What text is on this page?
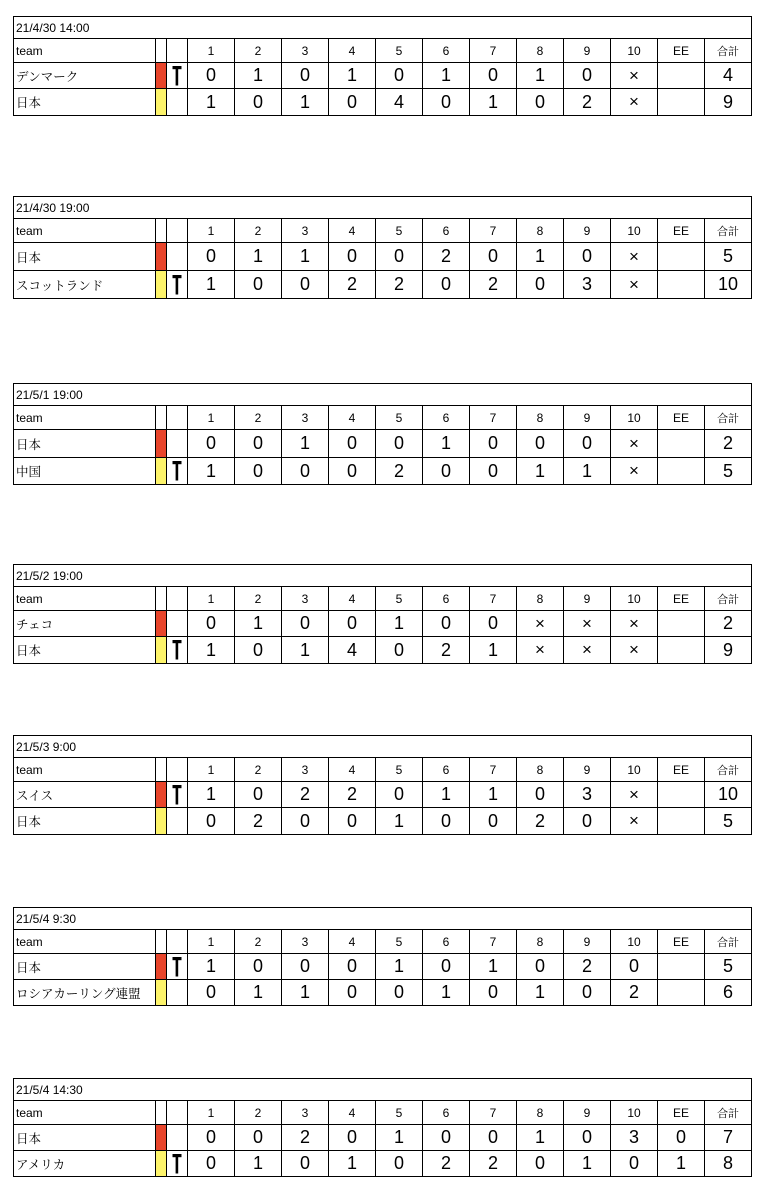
21/4/30 14:00														
team			1	2	3	4	5	6	7	8	9	10	EE	合計
デンマーク			0	1	0	1	0	1	0	1	0	×		4
日本			1	0	1	0	4	0	1	0	2	×		9
21/4/30 19:00														
team			1	2	3	4	5	6	7	8	9	10	EE	合計
日本			0	1	1	0	0	2	0	1	0	×		5
スコットランド			1	0	0	2	2	0	2	0	3	×		10
21/5/1 19:00														
team			1	2	3	4	5	6	7	8	9	10	EE	合計
日本			0	0	1	0	0	1	0	0	0	×		2
中国			1	0	0	0	2	0	0	1	1	×		5
21/5/2 19:00														
team			1	2	3	4	5	6	7	8	9	10	EE	合計
チェコ			0	1	0	0	1	0	0	×	×	×		2
日本			1	0	1	4	0	2	1	×	×	×		9
21/5/3 9:00														
team			1	2	3	4	5	6	7	8	9	10	EE	合計
スイス			1	0	2	2	0	1	1	0	3	×		10
日本			0	2	0	0	1	0	0	2	0	×		5
21/5/4 9:30														
team			1	2	3	4	5	6	7	8	9	10	EE	合計
日本			1	0	0	0	1	0	1	0	2	0		5
ロシアカーリング連盟			0	1	1	0	0	1	0	1	0	2		6
21/5/4 14:30														
team			1	2	3	4	5	6	7	8	9	10	EE	合計
日本			0	0	2	0	1	0	0	1	0	3	0	7
アメリカ			0	1	0	1	0	2	2	0	1	0	1	8
